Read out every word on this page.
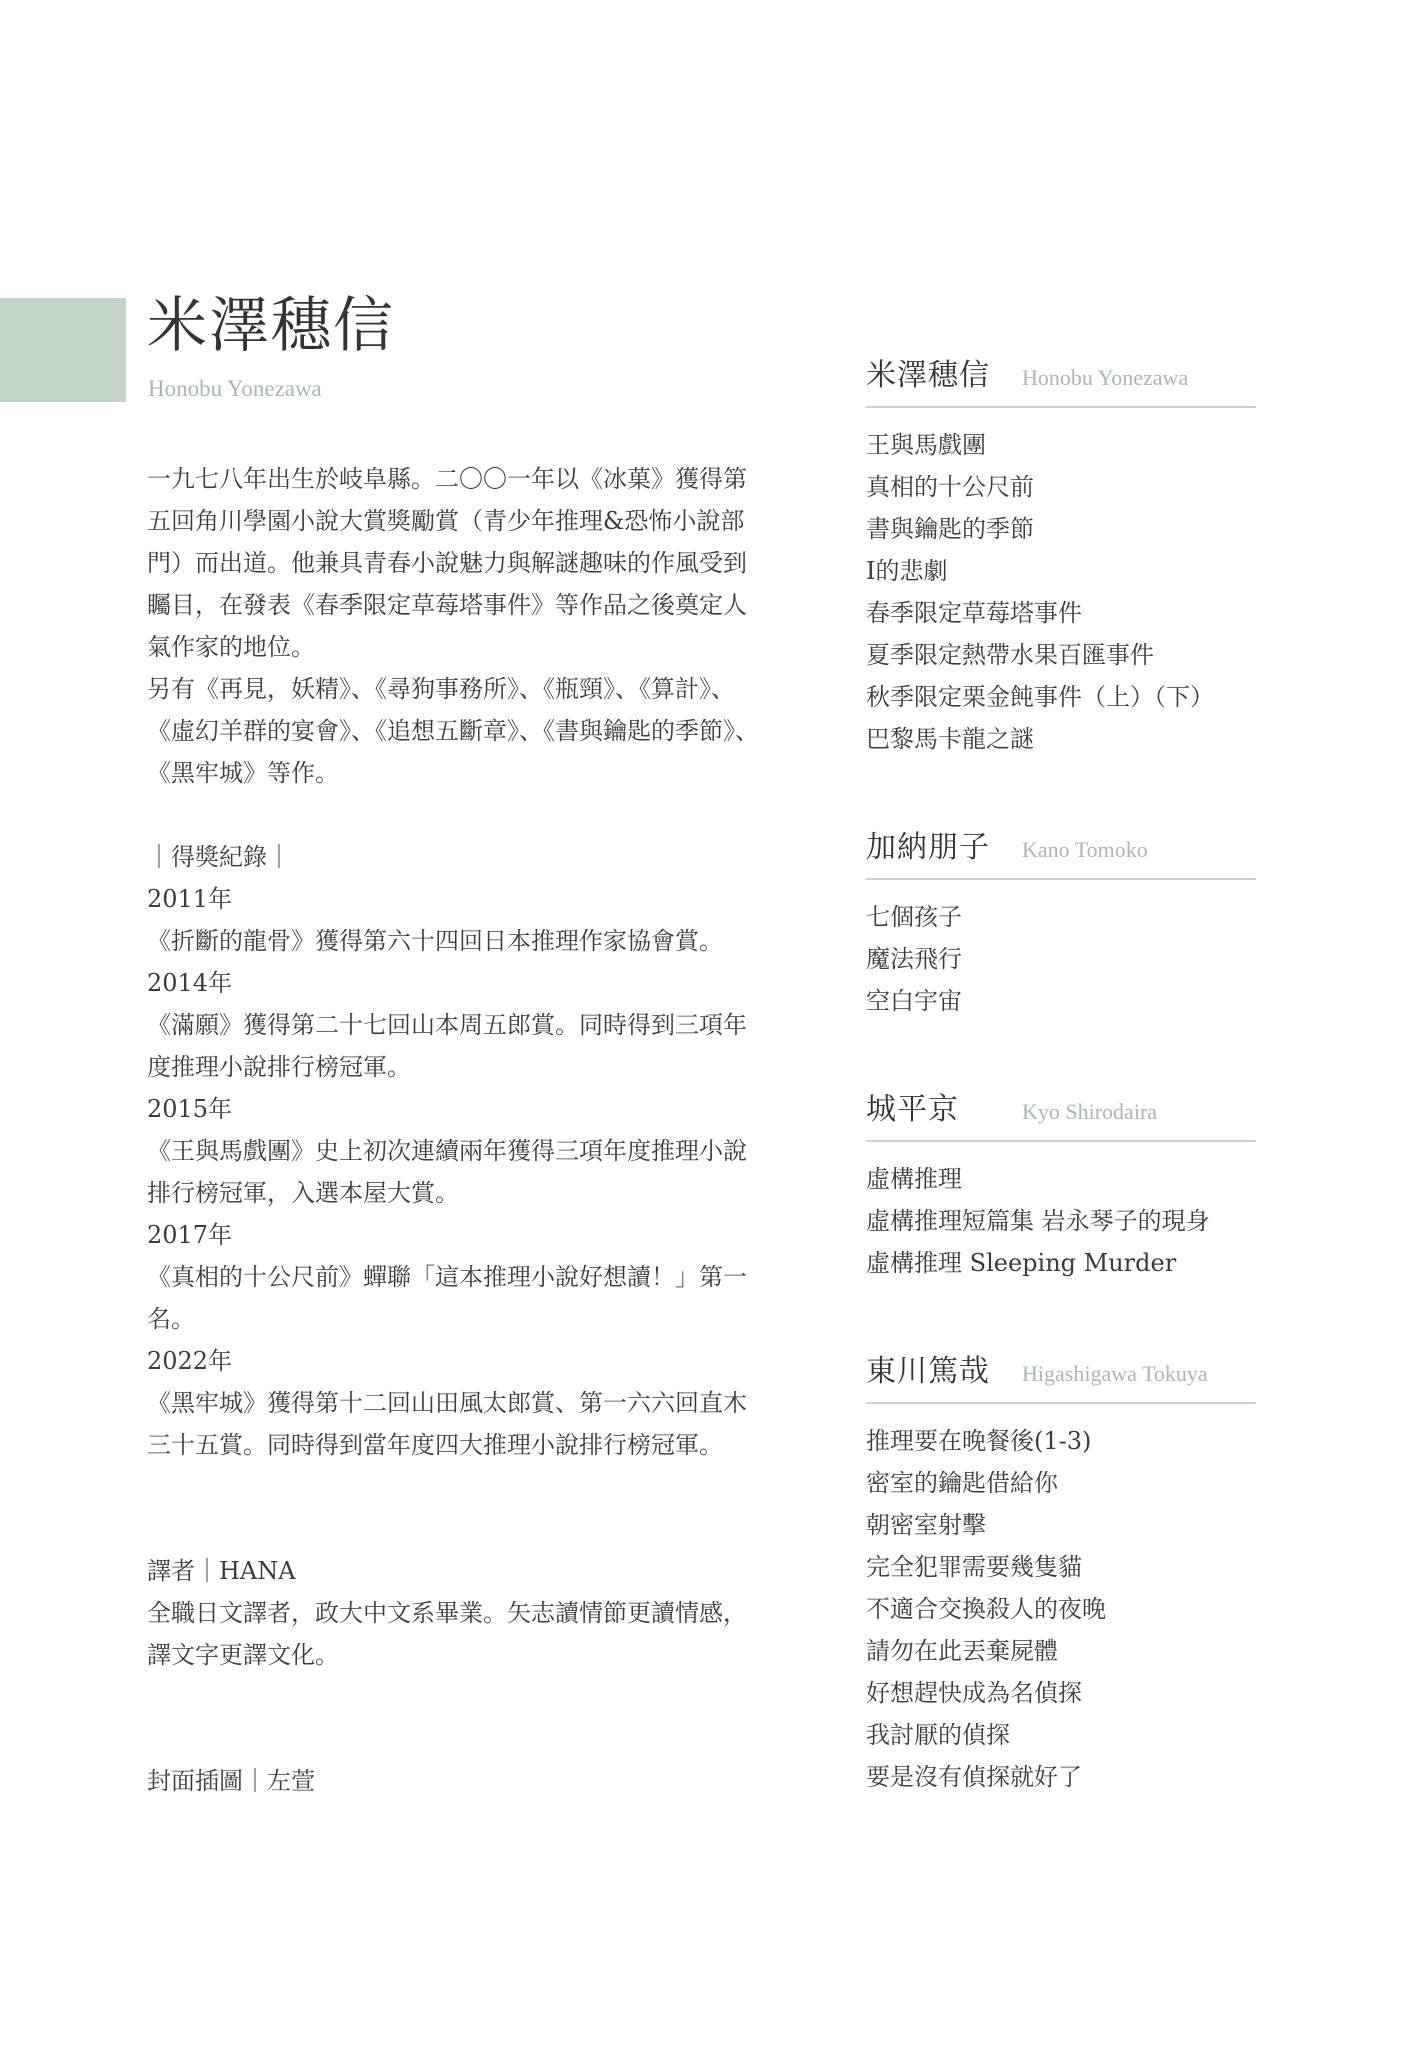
米澤穗信
Honobu Yonezawa

一九七八年出生於岐阜縣。二〇〇一年以《冰菓》獲得第五回角川學園小說大賞獎勵賞（青少年推理&恐怖小說部門）而出道。他兼具青春小說魅力與解謎趣味的作風受到矚目，在發表《春季限定草莓塔事件》等作品之後奠定人氣作家的地位。

另有《再見，妖精》、《尋狗事務所》、《瓶頸》、《算計》、《虛幻羊群的宴會》、《追想五斷章》、《書與鑰匙的季節》、《黑牢城》等作。

｜得獎紀錄｜

2011年

《折斷的龍骨》獲得第六十四回日本推理作家協會賞。

2014年

《滿願》獲得第二十七回山本周五郎賞。同時得到三項年度推理小說排行榜冠軍。

2015年

《王與馬戲團》史上初次連續兩年獲得三項年度推理小說排行榜冠軍，入選本屋大賞。

2017年

《真相的十公尺前》蟬聯「這本推理小說好想讀！」第一名。

2022年

《黑牢城》獲得第十二回山田風太郎賞、第一六六回直木三十五賞。同時得到當年度四大推理小說排行榜冠軍。

譯者｜HANA

全職日文譯者，政大中文系畢業。矢志讀情節更讀情感，譯文字更譯文化。

封面插圖｜左萱

米澤穗信	Honobu Yonezawa
王與馬戲團
真相的十公尺前
書與鑰匙的季節
I的悲劇
春季限定草莓塔事件
夏季限定熱帶水果百匯事件
秋季限定栗金飩事件（上）（下）
巴黎馬卡龍之謎
加納朋子	Kano Tomoko
七個孩子
魔法飛行
空白宇宙
城平京	Kyo Shirodaira
虛構推理
虛構推理短篇集 岩永琴子的現身
虛構推理 Sleeping Murder
東川篤哉	Higashigawa Tokuya
推理要在晚餐後(1-3)
密室的鑰匙借給你
朝密室射擊
完全犯罪需要幾隻貓
不適合交換殺人的夜晚
請勿在此丟棄屍體
好想趕快成為名偵探
我討厭的偵探
要是沒有偵探就好了
